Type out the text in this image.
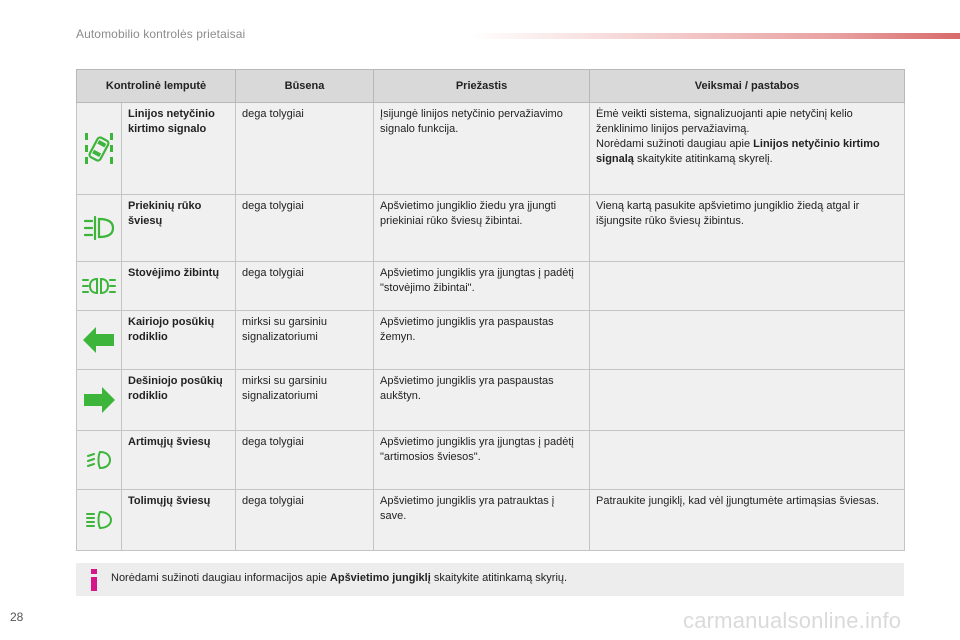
Automobilio kontrolės prietaisai
Kontrolinė lemputė		Būsena	Priežastis	Veiksmai / pastabos
	Linijos netyčinio kirtimo signalo	dega tolygiai	Įsijungė linijos netyčinio pervažiavimo signalo funkcija.	Ėmė veikti sistema, signalizuojanti apie netyčinį kelio ženklinimo linijos pervažiavimą.
Norėdami sužinoti daugiau apie Linijos netyčinio kirtimo signalą skaitykite atitinkamą skyrelį.
	Priekinių rūko šviesų	dega tolygiai	Apšvietimo jungiklio žiedu yra įjungti priekiniai rūko šviesų žibintai.	Vieną kartą pasukite apšvietimo jungiklio žiedą atgal ir išjungsite rūko šviesų žibintus.
	Stovėjimo žibintų	dega tolygiai	Apšvietimo jungiklis yra įjungtas į padėtį "stovėjimo žibintai".	
	Kairiojo posūkių rodiklio	mirksi su garsiniu signalizatoriumi	Apšvietimo jungiklis yra paspaustas žemyn.	
	Dešiniojo posūkių rodiklio	mirksi su garsiniu signalizatoriumi	Apšvietimo jungiklis yra paspaustas aukštyn.	
	Artimųjų šviesų	dega tolygiai	Apšvietimo jungiklis yra įjungtas į padėtį "artimosios šviesos".	
	Tolimųjų šviesų	dega tolygiai	Apšvietimo jungiklis yra patrauktas į save.	Patraukite jungiklį, kad vėl įjungtumėte artimąsias šviesas.
Norėdami sužinoti daugiau informacijos apie Apšvietimo jungiklį skaitykite atitinkamą skyrių.
28	carmanualsonline.info
